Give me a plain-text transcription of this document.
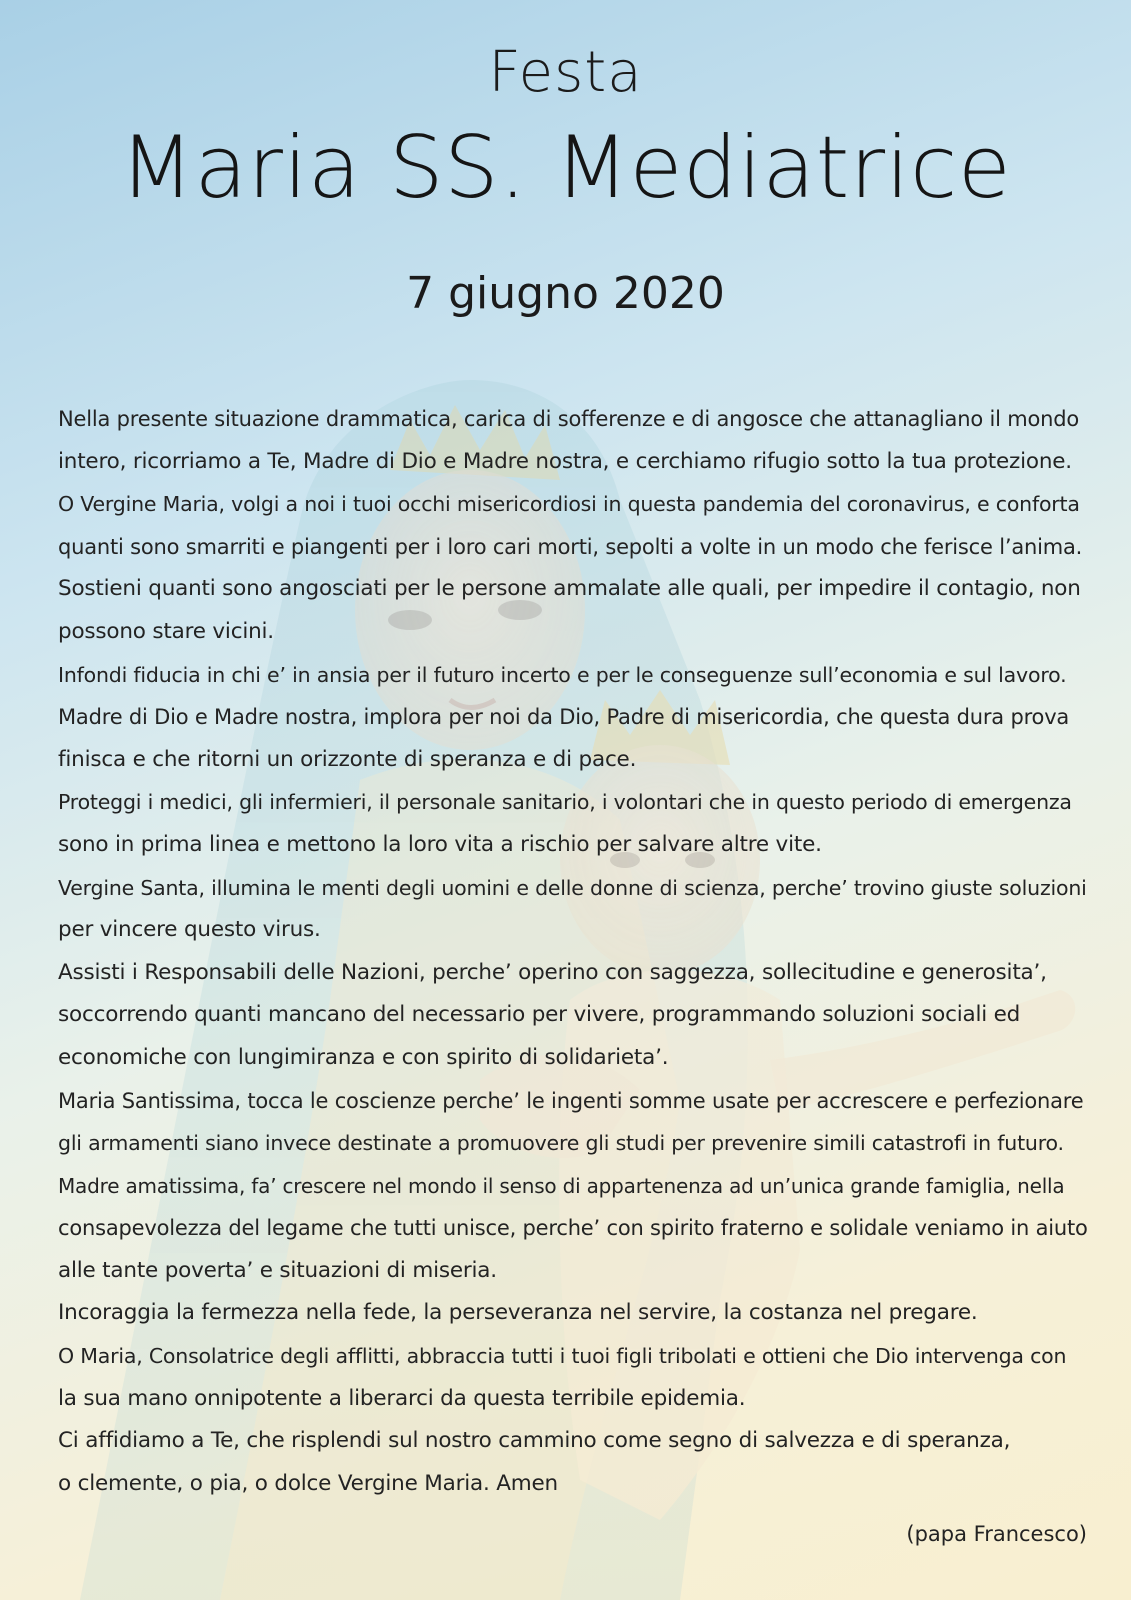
Festa
Maria SS. Mediatrice
7 giugno 2020
Nella presente situazione drammatica, carica di sofferenze e di angosce che attanagliano il mondo
intero, ricorriamo a Te, Madre di Dio e Madre nostra, e cerchiamo rifugio sotto la tua protezione.
O Vergine Maria, volgi a noi i tuoi occhi misericordiosi in questa pandemia del coronavirus, e conforta
quanti sono smarriti e piangenti per i loro cari morti, sepolti a volte in un modo che ferisce l’anima.
Sostieni quanti sono angosciati per le persone ammalate alle quali, per impedire il contagio, non
possono stare vicini.
Infondi fiducia in chi e’ in ansia per il futuro incerto e per le conseguenze sull’economia e sul lavoro.
Madre di Dio e Madre nostra, implora per noi da Dio, Padre di misericordia, che questa dura prova
finisca e che ritorni un orizzonte di speranza e di pace.
Proteggi i medici, gli infermieri, il personale sanitario, i volontari che in questo periodo di emergenza
sono in prima linea e mettono la loro vita a rischio per salvare altre vite.
Vergine Santa, illumina le menti degli uomini e delle donne di scienza, perche’ trovino giuste soluzioni
per vincere questo virus.
Assisti i Responsabili delle Nazioni, perche’ operino con saggezza, sollecitudine e generosita’,
soccorrendo quanti mancano del necessario per vivere, programmando soluzioni sociali ed
economiche con lungimiranza e con spirito di solidarieta’.
Maria Santissima, tocca le coscienze perche’ le ingenti somme usate per accrescere e perfezionare
gli armamenti siano invece destinate a promuovere gli studi per prevenire simili catastrofi in futuro.
Madre amatissima, fa’ crescere nel mondo il senso di appartenenza ad un’unica grande famiglia, nella
consapevolezza del legame che tutti unisce, perche’ con spirito fraterno e solidale veniamo in aiuto
alle tante poverta’ e situazioni di miseria.
Incoraggia la fermezza nella fede, la perseveranza nel servire, la costanza nel pregare.
O Maria, Consolatrice degli afflitti, abbraccia tutti i tuoi figli tribolati e ottieni che Dio intervenga con
la sua mano onnipotente a liberarci da questa terribile epidemia.
Ci affidiamo a Te, che risplendi sul nostro cammino come segno di salvezza e di speranza,
o clemente, o pia, o dolce Vergine Maria. Amen
(papa Francesco)
